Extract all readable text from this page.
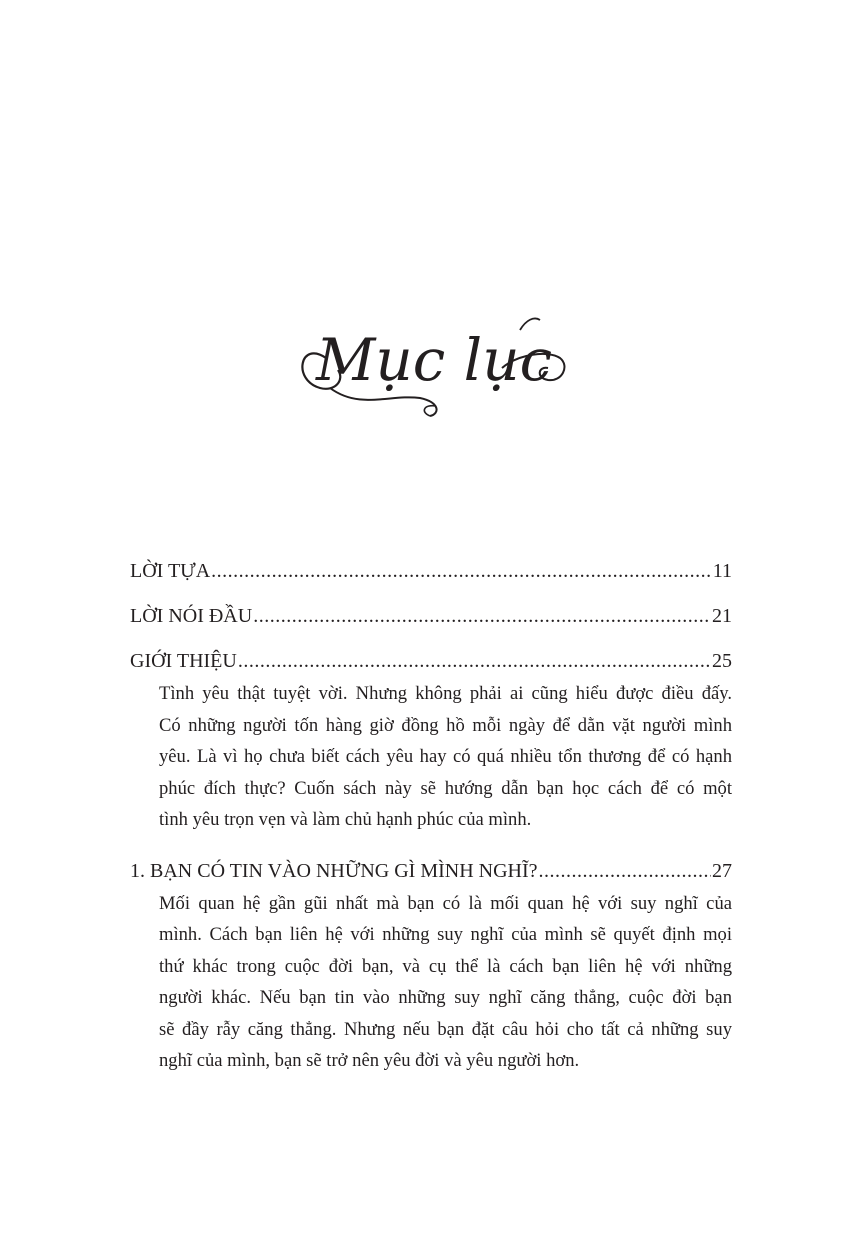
Mục lục
LỜI TỰA .....	11
LỜI NÓI ĐẦU .....	21
GIỚI THIỆU .....	25
Tình yêu thật tuyệt vời. Nhưng không phải ai cũng hiểu được điều đấy.
Có những người tốn hàng giờ đồng hồ mỗi ngày để dằn vặt người mình
yêu. Là vì họ chưa biết cách yêu hay có quá nhiều tổn thương để có hạnh
phúc đích thực? Cuốn sách này sẽ hướng dẫn bạn học cách để có một
tình yêu trọn vẹn và làm chủ hạnh phúc của mình.
1. BẠN CÓ TIN VÀO NHỮNG GÌ MÌNH NGHĨ? .....	27
Mối quan hệ gần gũi nhất mà bạn có là mối quan hệ với suy nghĩ của
mình. Cách bạn liên hệ với những suy nghĩ của mình sẽ quyết định mọi
thứ khác trong cuộc đời bạn, và cụ thể là cách bạn liên hệ với những
người khác. Nếu bạn tin vào những suy nghĩ căng thẳng, cuộc đời bạn
sẽ đầy rẫy căng thẳng. Nhưng nếu bạn đặt câu hỏi cho tất cả những suy
nghĩ của mình, bạn sẽ trở nên yêu đời và yêu người hơn.
